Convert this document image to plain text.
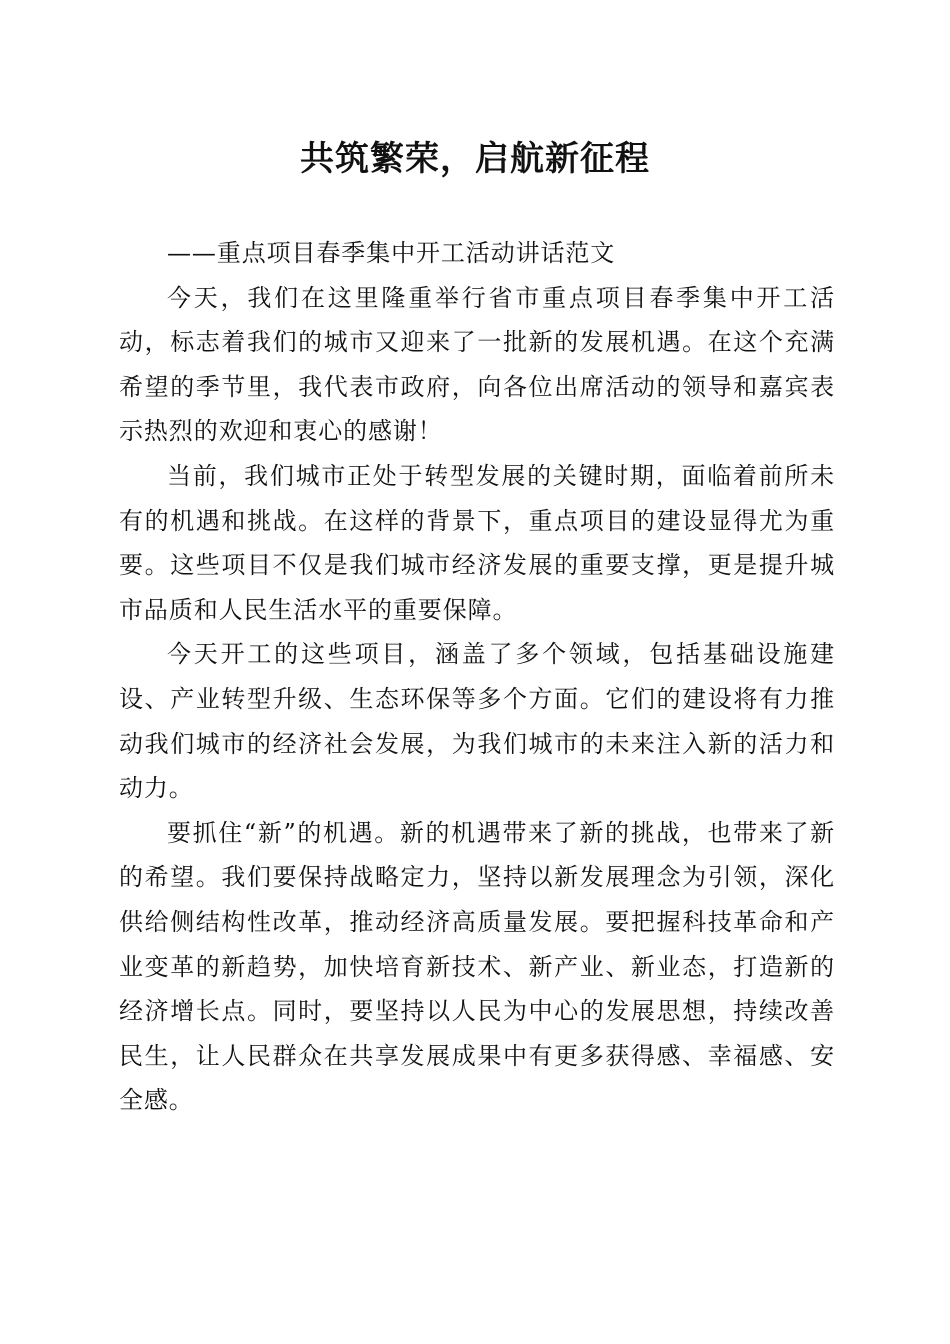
共筑繁荣，启航新征程

——重点项目春季集中开工活动讲话范文

今天，我们在这里隆重举行省市重点项目春季集中开工活动，标志着我们的城市又迎来了一批新的发展机遇。在这个充满希望的季节里，我代表市政府，向各位出席活动的领导和嘉宾表示热烈的欢迎和衷心的感谢！

当前，我们城市正处于转型发展的关键时期，面临着前所未有的机遇和挑战。在这样的背景下，重点项目的建设显得尤为重要。这些项目不仅是我们城市经济发展的重要支撑，更是提升城市品质和人民生活水平的重要保障。

今天开工的这些项目，涵盖了多个领域，包括基础设施建设、产业转型升级、生态环保等多个方面。它们的建设将有力推动我们城市的经济社会发展，为我们城市的未来注入新的活力和动力。

要抓住“新”的机遇。新的机遇带来了新的挑战，也带来了新的希望。我们要保持战略定力，坚持以新发展理念为引领，深化供给侧结构性改革，推动经济高质量发展。要把握科技革命和产业变革的新趋势，加快培育新技术、新产业、新业态，打造新的经济增长点。同时，要坚持以人民为中心的发展思想，持续改善民生，让人民群众在共享发展成果中有更多获得感、幸福感、安全感。
